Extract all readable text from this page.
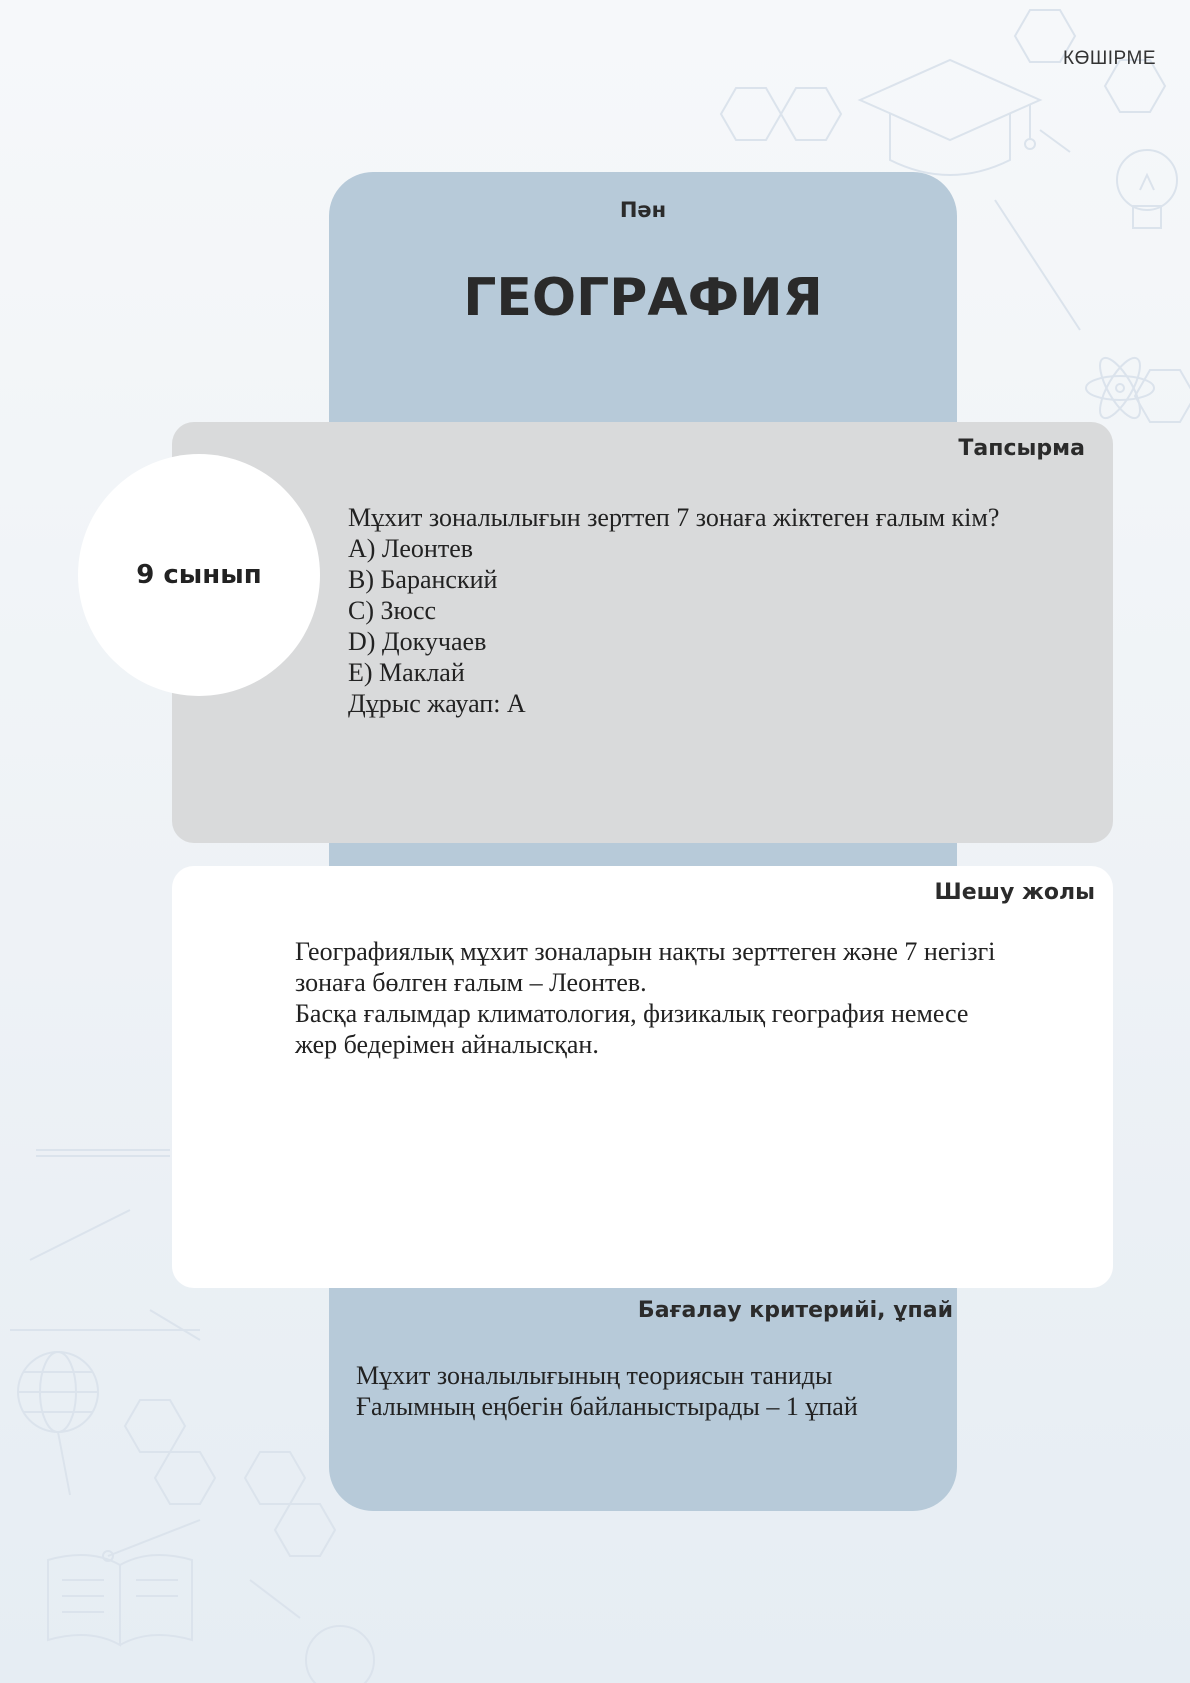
КӨШІРМЕ
Пән
ГЕОГРАФИЯ
Бағалау критерийі, ұпай
Мұхит зоналылығының теориясын таниды
Ғалымның еңбегін байланыстырады – 1 ұпай
Тапсырма
Мұхит зоналылығын зерттеп 7 зонаға жіктеген ғалым кім?
A) Леонтев
B) Баранский
C) Зюсс
D) Докучаев
E) Маклай
Дұрыс жауап: A
9 сынып
Шешу жолы
Географиялық мұхит зоналарын нақты зерттеген және 7 негізгі
зонаға бөлген ғалым – Леонтев.
Басқа ғалымдар климатология, физикалық география немесе
жер бедерімен айналысқан.
